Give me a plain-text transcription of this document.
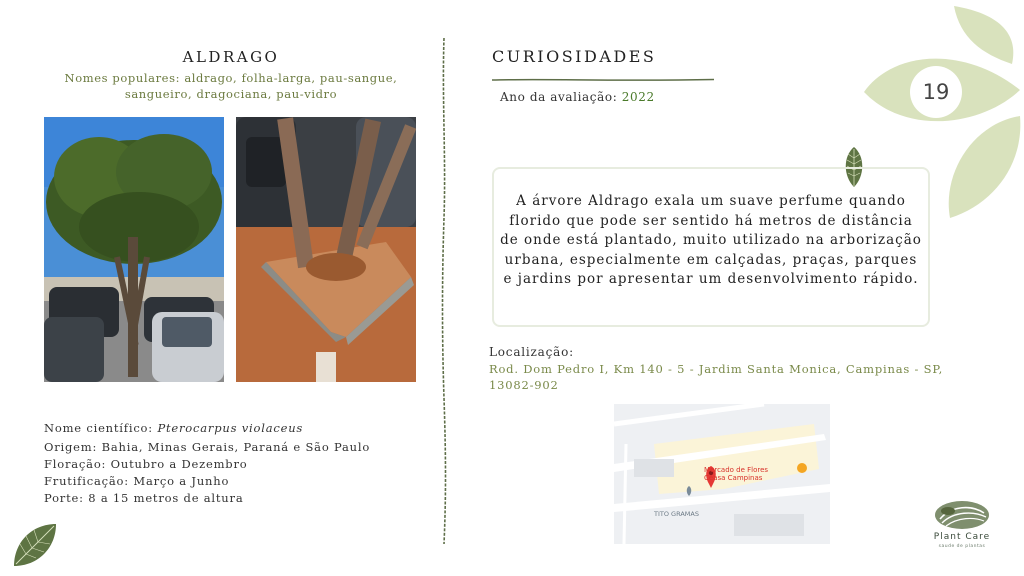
ALDRAGO
Nomes populares: aldrago, folha-larga, pau-sangue, sangueiro, dragociana, pau-vidro
Nome científico: Pterocarpus violaceus
Origem: Bahia, Minas Gerais, Paraná e São Paulo
Floração: Outubro a Dezembro
Frutificação: Março a Junho
Porte: 8 a 15 metros de altura
CURIOSIDADES
Ano da avaliação: 2022	19

A árvore Aldrago exala um suave perfume quando florido que pode ser sentido há metros de distância de onde está plantado, muito utilizado na arborização urbana, especialmente em calçadas, praças, parques e jardins por apresentar um desenvolvimento rápido.

Localização:
Rod. Dom Pedro I, Km 140 - 5 - Jardim Santa Monica, Campinas - SP, 13082-902
Mercado de Flores
Ceasa Campinas
TITO GRAMAS
Plant Care
saude de plantas
